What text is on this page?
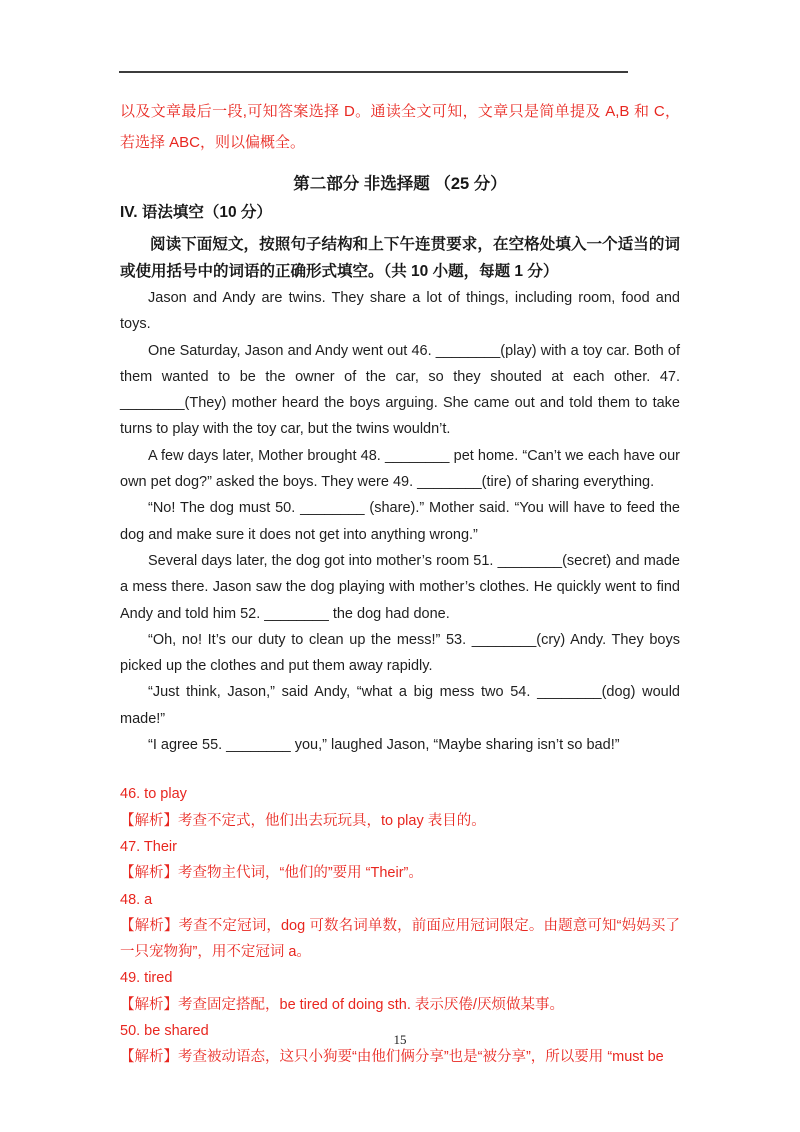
以及文章最后一段,可知答案选择 D。通读全文可知，文章只是简单提及 A,B 和 C，若选择 ABC，则以偏概全。

第二部分 非选择题 （25 分）

IV. 语法填空（10 分）

阅读下面短文，按照句子结构和上下午连贯要求，在空格处填入一个适当的词或使用括号中的词语的正确形式填空。（共 10 小题，每题 1 分）

Jason and Andy are twins. They share a lot of things, including room, food and toys.

One Saturday, Jason and Andy went out 46. ________(play) with a toy car. Both of them wanted to be the owner of the car, so they shouted at each other. 47. ________(They) mother heard the boys arguing. She came out and told them to take turns to play with the toy car, but the twins wouldn’t.

A few days later, Mother brought 48. ________ pet home. “Can’t we each have our own pet dog?” asked the boys. They were 49. ________(tire) of sharing everything.

“No! The dog must 50. ________ (share).” Mother said. “You will have to feed the dog and make sure it does not get into anything wrong.”

Several days later, the dog got into mother’s room 51. ________(secret) and made a mess there. Jason saw the dog playing with mother’s clothes. He quickly went to find Andy and told him 52. ________ the dog had done.

“Oh, no! It’s our duty to clean up the mess!” 53. ________(cry) Andy. They boys picked up the clothes and put them away rapidly.

“Just think, Jason,” said Andy, “what a big mess two 54. ________(dog) would made!”

“I agree 55. ________ you,” laughed Jason, “Maybe sharing isn’t so bad!”

46. to play

【解析】考查不定式，他们出去玩玩具，to play 表目的。

47. Their

【解析】考查物主代词，“他们的”要用 “Their”。

48. a

【解析】考查不定冠词，dog 可数名词单数，前面应用冠词限定。由题意可知“妈妈买了一只宠物狗”，用不定冠词 a。

49. tired

【解析】考查固定搭配，be tired of doing sth. 表示厌倦/厌烦做某事。

50. be shared

【解析】考查被动语态，这只小狗要“由他们俩分享”也是“被分享”，所以要用 “must be

15
